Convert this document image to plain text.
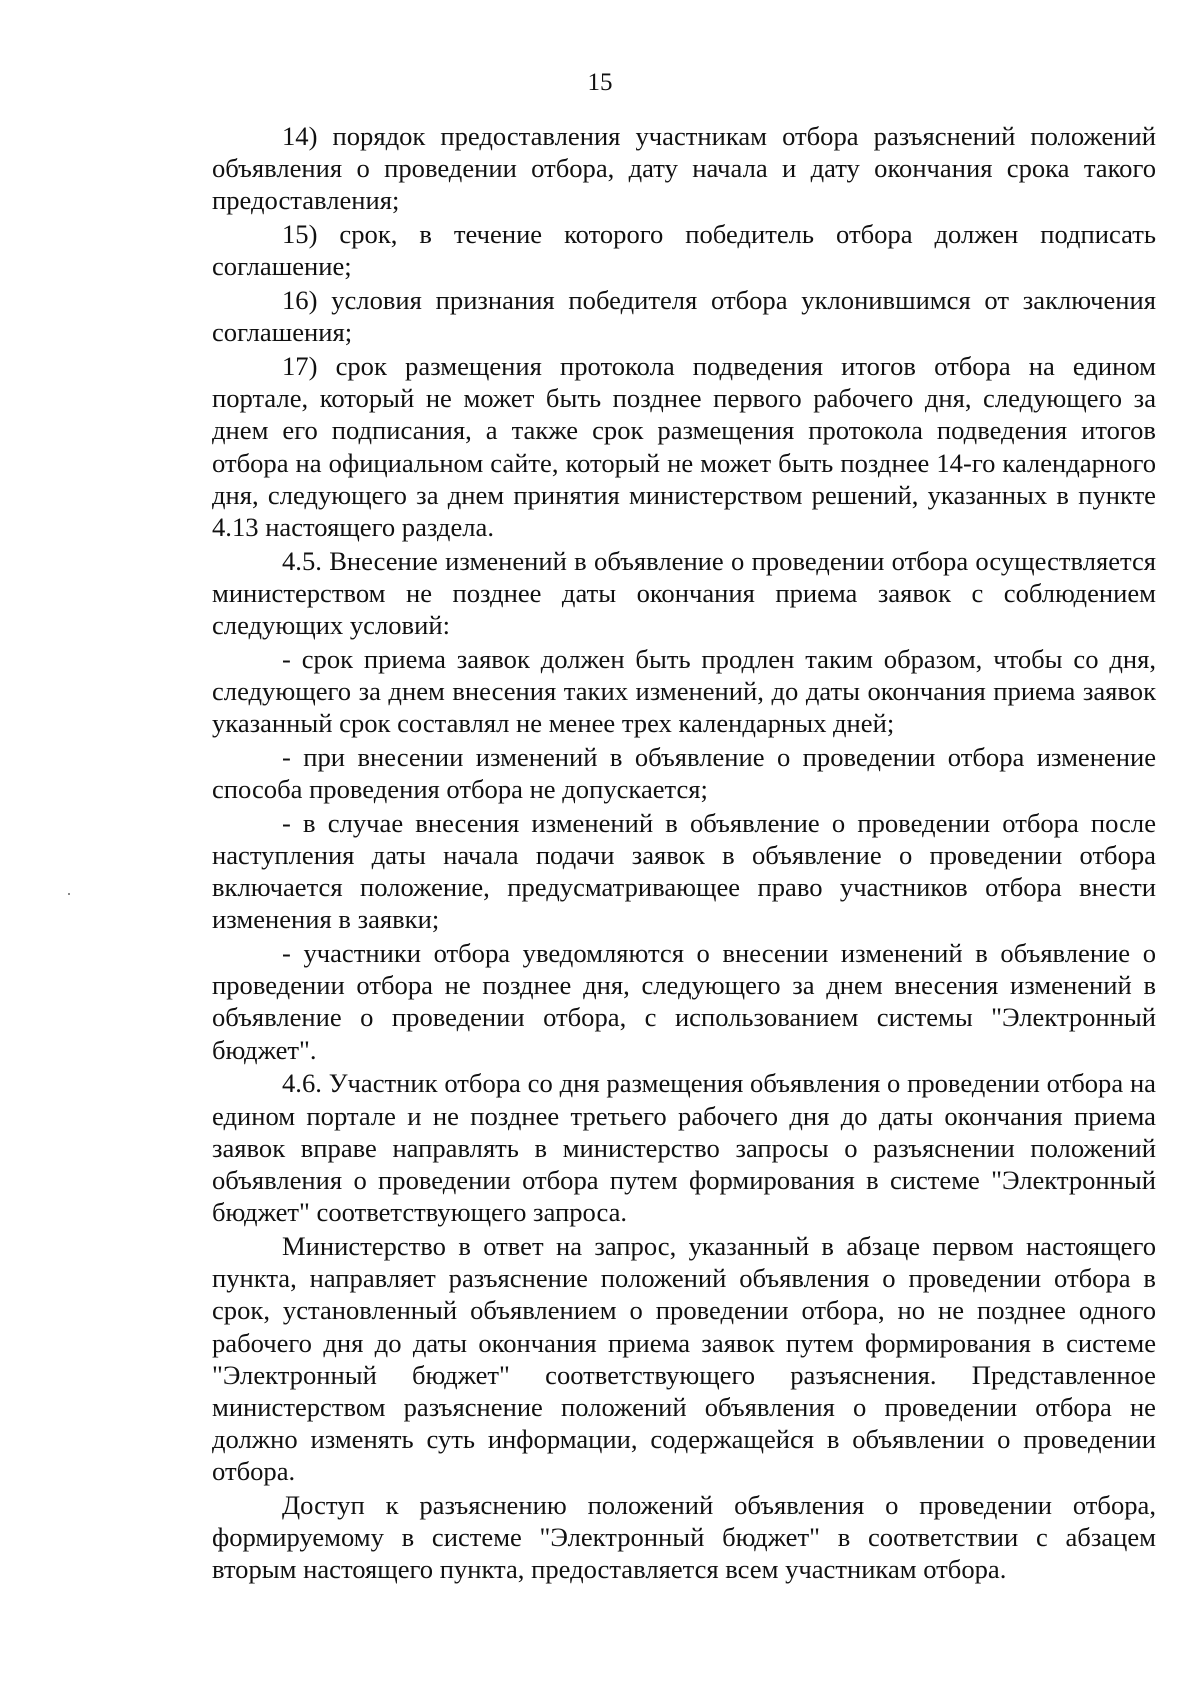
15

14) порядок предоставления участникам отбора разъяснений положений объявления о проведении отбора, дату начала и дату окончания срока такого предоставления;

15) срок, в течение которого победитель отбора должен подписать соглашение;

16) условия признания победителя отбора уклонившимся от заключения соглашения;

17) срок размещения протокола подведения итогов отбора на едином портале, который не может быть позднее первого рабочего дня, следующего за днем его подписания, а также срок размещения протокола подведения итогов отбора на официальном сайте, который не может быть позднее 14-го календарного дня, следующего за днем принятия министерством решений, указанных в пункте 4.13 настоящего раздела.

4.5. Внесение изменений в объявление о проведении отбора осуществляется министерством не позднее даты окончания приема заявок с соблюдением следующих условий:

- срок приема заявок должен быть продлен таким образом, чтобы со дня, следующего за днем внесения таких изменений, до даты окончания приема заявок указанный срок составлял не менее трех календарных дней;

- при внесении изменений в объявление о проведении отбора изменение способа проведения отбора не допускается;

- в случае внесения изменений в объявление о проведении отбора после наступления даты начала подачи заявок в объявление о проведении отбора включается положение, предусматривающее право участников отбора внести изменения в заявки;

- участники отбора уведомляются о внесении изменений в объявление о проведении отбора не позднее дня, следующего за днем внесения изменений в объявление о проведении отбора, с использованием системы "Электронный бюджет".

4.6. Участник отбора со дня размещения объявления о проведении отбора на едином портале и не позднее третьего рабочего дня до даты окончания приема заявок вправе направлять в министерство запросы о разъяснении положений объявления о проведении отбора путем формирования в системе "Электронный бюджет" соответствующего запроса.

Министерство в ответ на запрос, указанный в абзаце первом настоящего пункта, направляет разъяснение положений объявления о проведении отбора в срок, установленный объявлением о проведении отбора, но не позднее одного рабочего дня до даты окончания приема заявок путем формирования в системе "Электронный бюджет" соответствующего разъяснения. Представленное министерством разъяснение положений объявления о проведении отбора не должно изменять суть информации, содержащейся в объявлении о проведении отбора.

Доступ к разъяснению положений объявления о проведении отбора, формируемому в системе "Электронный бюджет" в соответствии с абзацем вторым настоящего пункта, предоставляется всем участникам отбора.
